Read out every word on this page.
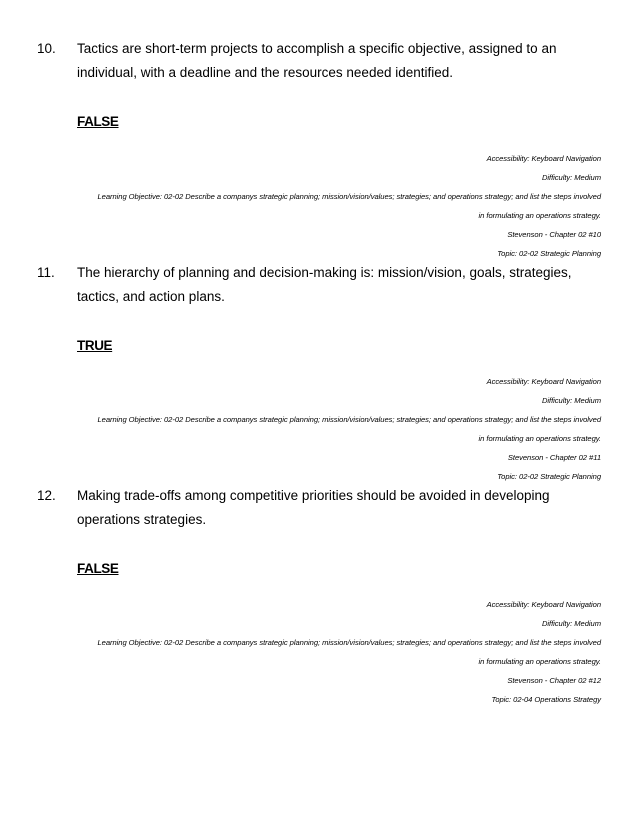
10. Tactics are short-term projects to accomplish a specific objective, assigned to an individual, with a deadline and the resources needed identified.
FALSE
Accessibility: Keyboard Navigation
Difficulty: Medium
Learning Objective: 02-02 Describe a companys strategic planning; mission/vision/values; strategies; and operations strategy; and list the steps involved
in formulating an operations strategy.
Stevenson - Chapter 02 #10
Topic: 02-02 Strategic Planning
11. The hierarchy of planning and decision-making is: mission/vision, goals, strategies, tactics, and action plans.
TRUE
Accessibility: Keyboard Navigation
Difficulty: Medium
Learning Objective: 02-02 Describe a companys strategic planning; mission/vision/values; strategies; and operations strategy; and list the steps involved
in formulating an operations strategy.
Stevenson - Chapter 02 #11
Topic: 02-02 Strategic Planning
12. Making trade-offs among competitive priorities should be avoided in developing operations strategies.
FALSE
Accessibility: Keyboard Navigation
Difficulty: Medium
Learning Objective: 02-02 Describe a companys strategic planning; mission/vision/values; strategies; and operations strategy; and list the steps involved
in formulating an operations strategy.
Stevenson - Chapter 02 #12
Topic: 02-04 Operations Strategy
